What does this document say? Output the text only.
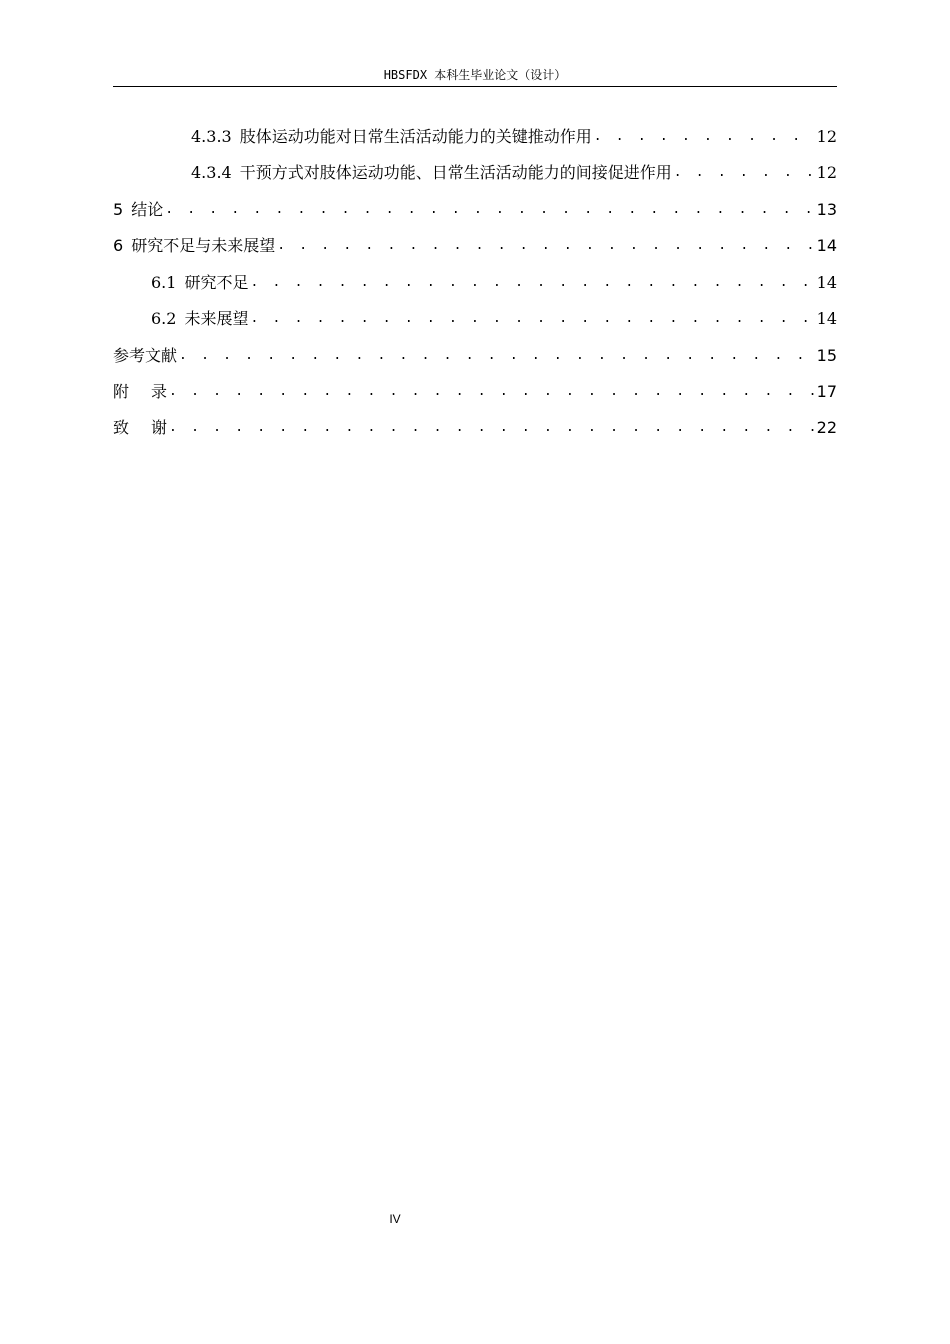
HBSFDX 本科生毕业论文（设计）
4.3.3 肢体运动功能对日常生活活动能力的关键推动作用 . . .	12
4.3.4 干预方式对肢体运动功能、日常生活活动能力的间接促进作用 . . .	12
5 结论 . . .	13
6 研究不足与未来展望 . . .	14
6.1 研究不足 . . .	14
6.2 未来展望 . . .	14
参考文献 . . .	15
附 录 . . .	17
致 谢 . . .	22
IV
